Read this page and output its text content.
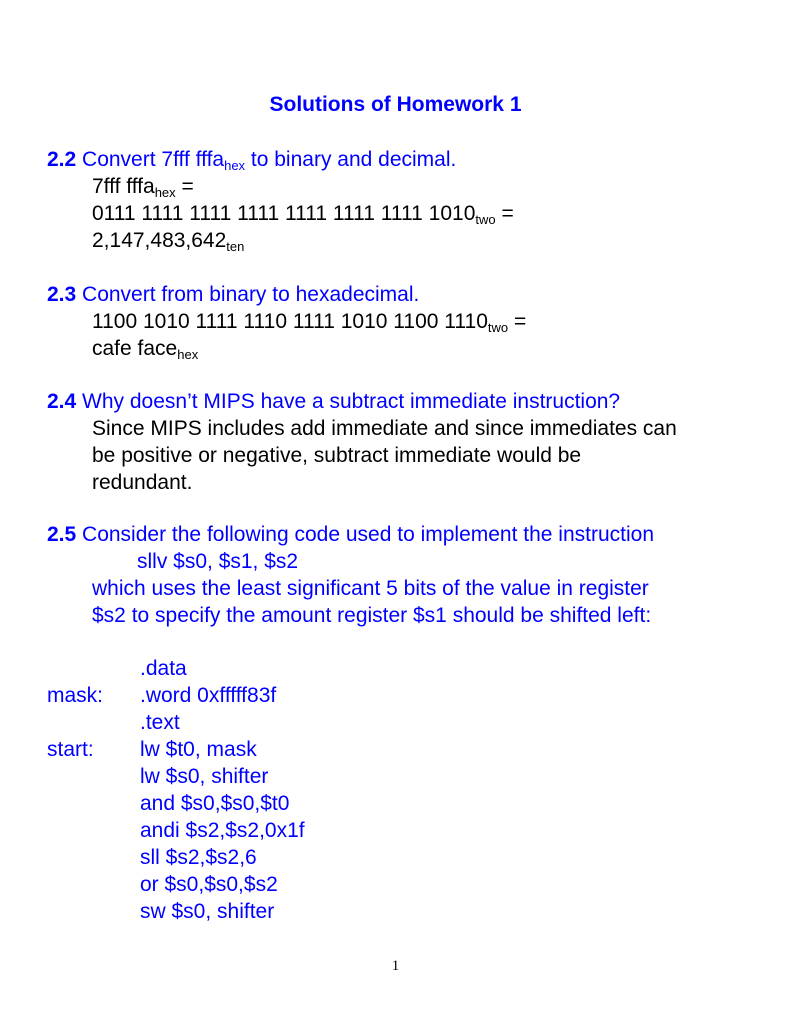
Solutions of Homework 1
2.2 Convert 7fff fffa$_{hex}$ to binary and decimal.
7fff fffa$_{hex}$ =
0111 1111 1111 1111 1111 1111 1111 $1010_{two}$ =
$2,147,483,642_{ten}$
2.3 Convert from binary to hexadecimal.
1100 1010 1111 1110 1111 1010 1100 $1110_{two}$ =
cafe face$_{hex}$
2.4 Why doesn’t MIPS have a subtract immediate instruction?
Since MIPS includes add immediate and since immediates can
be positive or negative, subtract immediate would be
redundant.
2.5 Consider the following code used to implement the instruction
sllv $s0, $s1, $s2
which uses the least significant 5 bits of the value in register
$s2 to specify the amount register $s1 should be shifted left:
.data
mask: .word 0xfffff83f
.text
start: lw $t0, mask
lw $s0, shifter
and $s0,$s0,$t0
andi $s2,$s2,0x1f
sll $s2,$s2,6
or $s0,$s0,$s2
sw $s0, shifter
1
